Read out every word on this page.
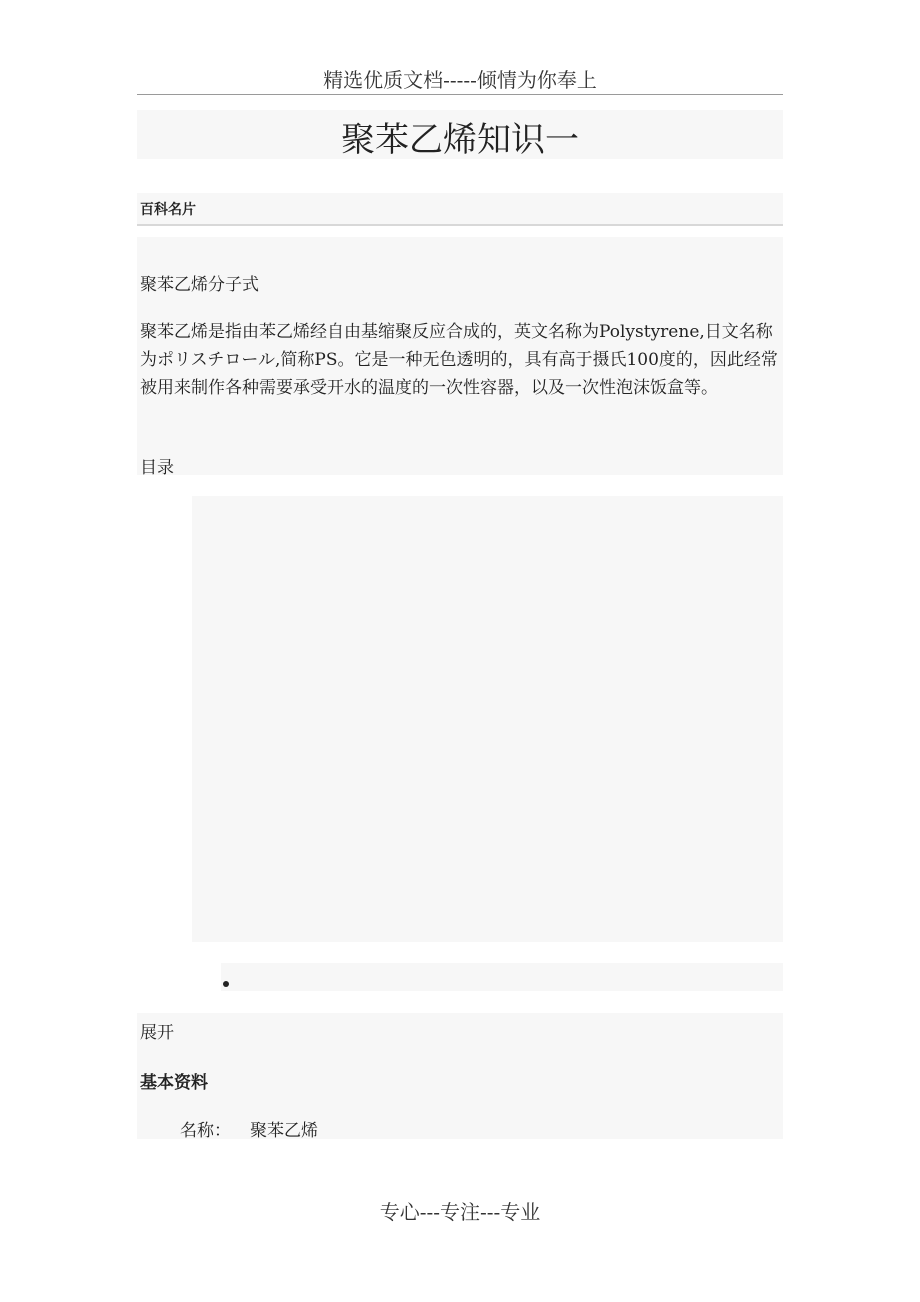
精选优质文档-----倾情为你奉上
聚苯乙烯知识一
百科名片
聚苯乙烯分子式
聚苯乙烯是指由苯乙烯经自由基缩聚反应合成的，英文名称为Polystyrene,日文名称为ポリスチロール,简称PS。它是一种无色透明的，具有高于摄氏100度的，因此经常被用来制作各种需要承受开水的温度的一次性容器，以及一次性泡沫饭盒等。
目录
展开
基本资料
名称： 聚苯乙烯
专心---专注---专业
